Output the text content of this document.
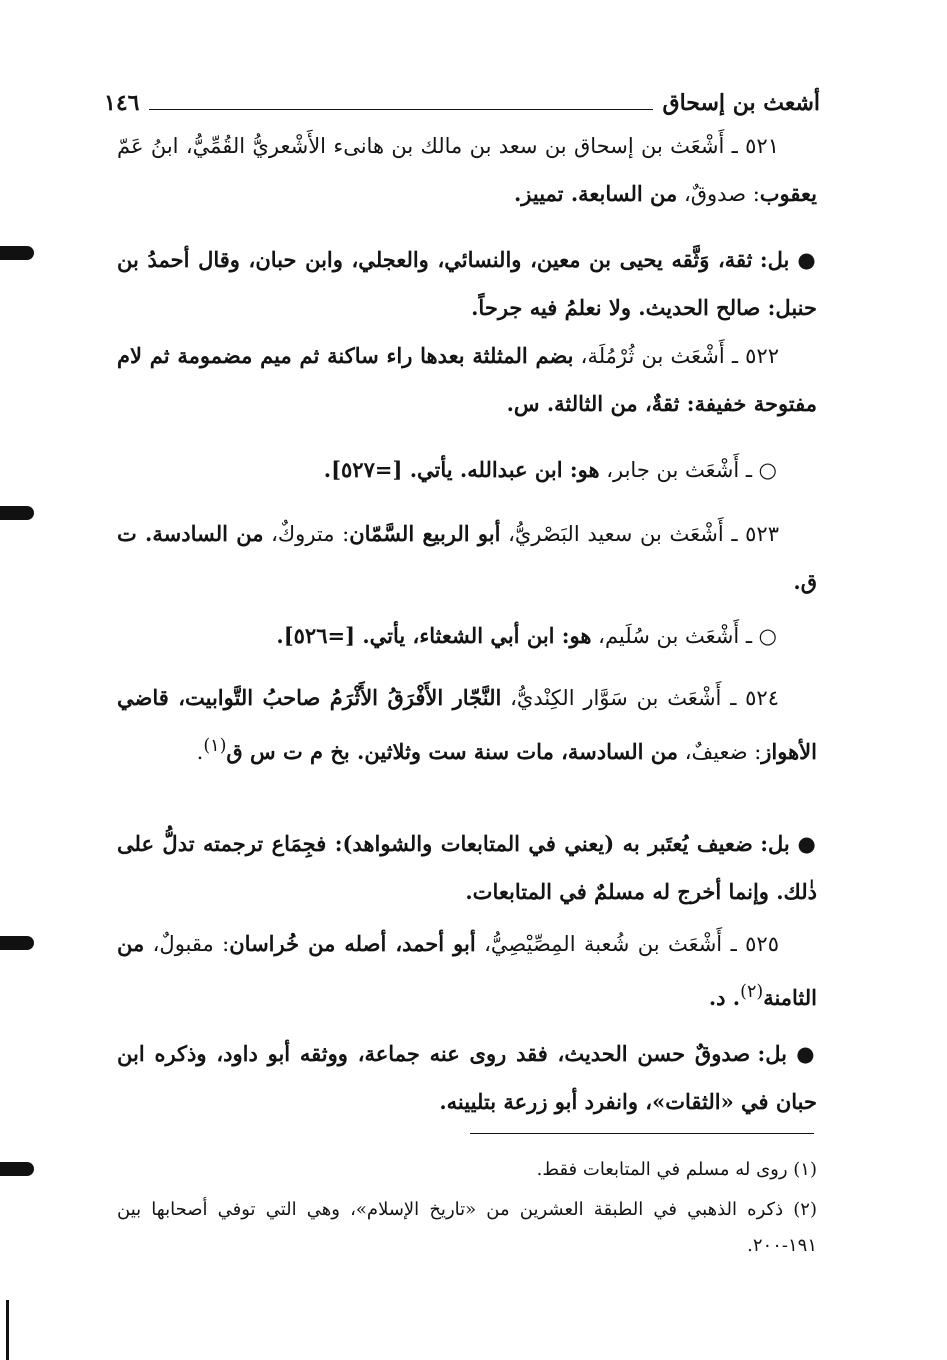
أشعث بن إسحاق
١٤٦

٥٢١ ـ أَشْعَث بن إسحاق بن سعد بن مالك بن هانىء الأَشْعريُّ القُمِّيُّ، ابنُ عَمّ يعقوب: صدوقٌ، من السابعة. تمييز.

● بل: ثقة، وَثَّقه يحيى بن معين، والنسائي، والعجلي، وابن حبان، وقال أحمدُ بن حنبل: صالح الحديث. ولا نعلمُ فيه جرحاً.

٥٢٢ ـ أَشْعَث بن ثُرْمُلَة، بضم المثلثة بعدها راء ساكنة ثم ميم مضمومة ثم لام مفتوحة خفيفة: ثقةٌ، من الثالثة. س.

○ ـ أَشْعَث بن جابر، هو: ابن عبدالله. يأتي. [=٥٢٧].

٥٢٣ ـ أَشْعَث بن سعيد البَصْريُّ، أبو الربيع السَّمّان: متروكٌ، من السادسة. ت ق.

○ ـ أَشْعَث بن سُلَيم، هو: ابن أبي الشعثاء، يأتي. [=٥٢٦].

٥٢٤ ـ أَشْعَث بن سَوَّار الكِنْديُّ، النَّجّار الأَفْرَقُ الأَثْرَمُ صاحبُ التَّوابيت، قاضي الأهواز: ضعيفٌ، من السادسة، مات سنة ست وثلاثين. بخ م ت س ق$^{(١)}$.

● بل: ضعيف يُعتَبر به (يعني في المتابعات والشواهد): فجِمَاع ترجمته تدلُّ على ذٰلك. وإنما أخرج له مسلمٌ في المتابعات.

٥٢٥ ـ أَشْعَث بن شُعبة المِصِّيْصِيُّ، أبو أحمد، أصله من خُراسان: مقبولٌ، من الثامنة$^{(٢)}$. د.

● بل: صدوقٌ حسن الحديث، فقد روى عنه جماعة، ووثقه أبو داود، وذكره ابن حبان في «الثقات»، وانفرد أبو زرعة بتليينه.

(١) روى له مسلم في المتابعات فقط.

(٢) ذكره الذهبي في الطبقة العشرين من «تاريخ الإسلام»، وهي التي توفي أصحابها بين ١٩١-٢٠٠.
